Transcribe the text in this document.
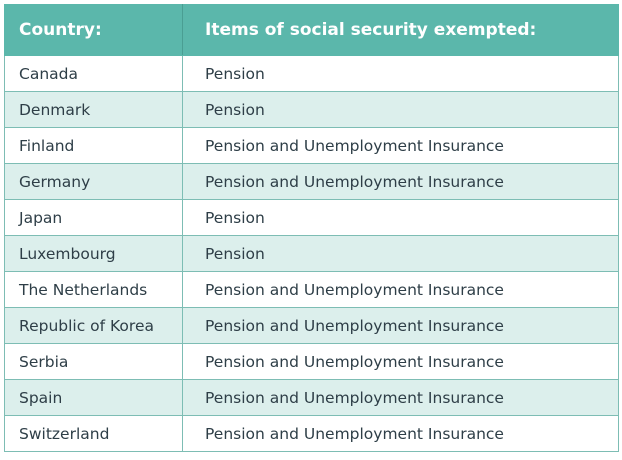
Country:	Items of social security exempted:
Canada	Pension
Denmark	Pension
Finland	Pension and Unemployment Insurance
Germany	Pension and Unemployment Insurance
Japan	Pension
Luxembourg	Pension
The Netherlands	Pension and Unemployment Insurance
Republic of Korea	Pension and Unemployment Insurance
Serbia	Pension and Unemployment Insurance
Spain	Pension and Unemployment Insurance
Switzerland	Pension and Unemployment Insurance
